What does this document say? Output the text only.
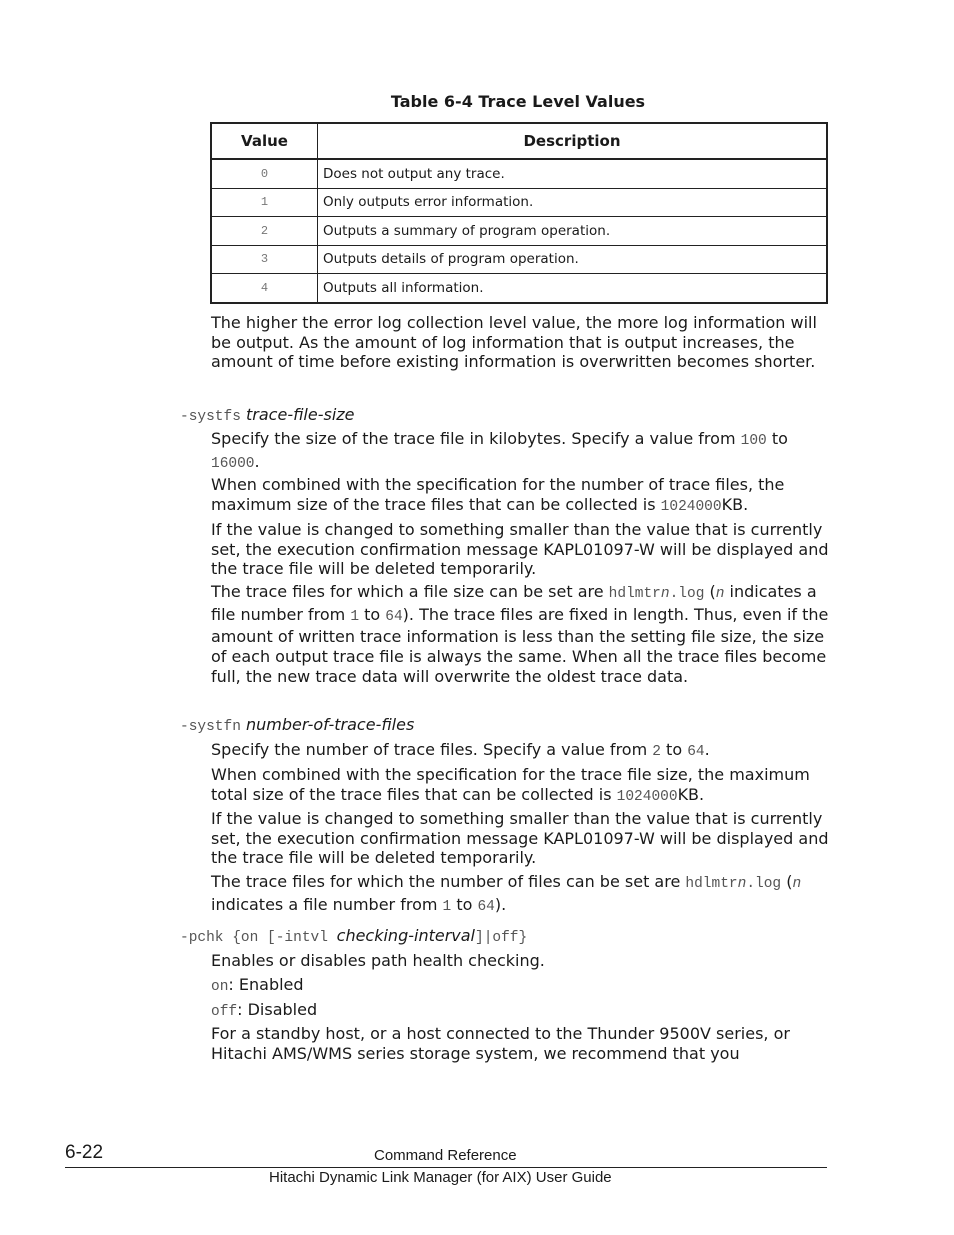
Table 6-4 Trace Level Values
Value	Description
0	Does not output any trace.
1	Only outputs error information.
2	Outputs a summary of program operation.
3	Outputs details of program operation.
4	Outputs all information.

The higher the error log collection level value, the more log information will be output. As the amount of log information that is output increases, the amount of time before existing information is overwritten becomes shorter.

-systfs trace-file-size

Specify the size of the trace file in kilobytes. Specify a value from 100 to 16000.

When combined with the specification for the number of trace files, the maximum size of the trace files that can be collected is 1024000KB.

If the value is changed to something smaller than the value that is currently set, the execution confirmation message KAPL01097-W will be displayed and the trace file will be deleted temporarily.

The trace files for which a file size can be set are hdlmtrn.log (n indicates a file number from 1 to 64). The trace files are fixed in length. Thus, even if the amount of written trace information is less than the setting file size, the size of each output trace file is always the same. When all the trace files become full, the new trace data will overwrite the oldest trace data.

-systfn number-of-trace-files

Specify the number of trace files. Specify a value from 2 to 64.

When combined with the specification for the trace file size, the maximum total size of the trace files that can be collected is 1024000KB.

If the value is changed to something smaller than the value that is currently set, the execution confirmation message KAPL01097-W will be displayed and the trace file will be deleted temporarily.

The trace files for which the number of files can be set are hdlmtrn.log (n indicates a file number from 1 to 64).

-pchk {on [-intvl checking-interval]|off}

Enables or disables path health checking.

on: Enabled

off: Disabled

For a standby host, or a host connected to the Thunder 9500V series, or Hitachi AMS/WMS series storage system, we recommend that you

6-22	Command Reference
Hitachi Dynamic Link Manager (for AIX) User Guide
